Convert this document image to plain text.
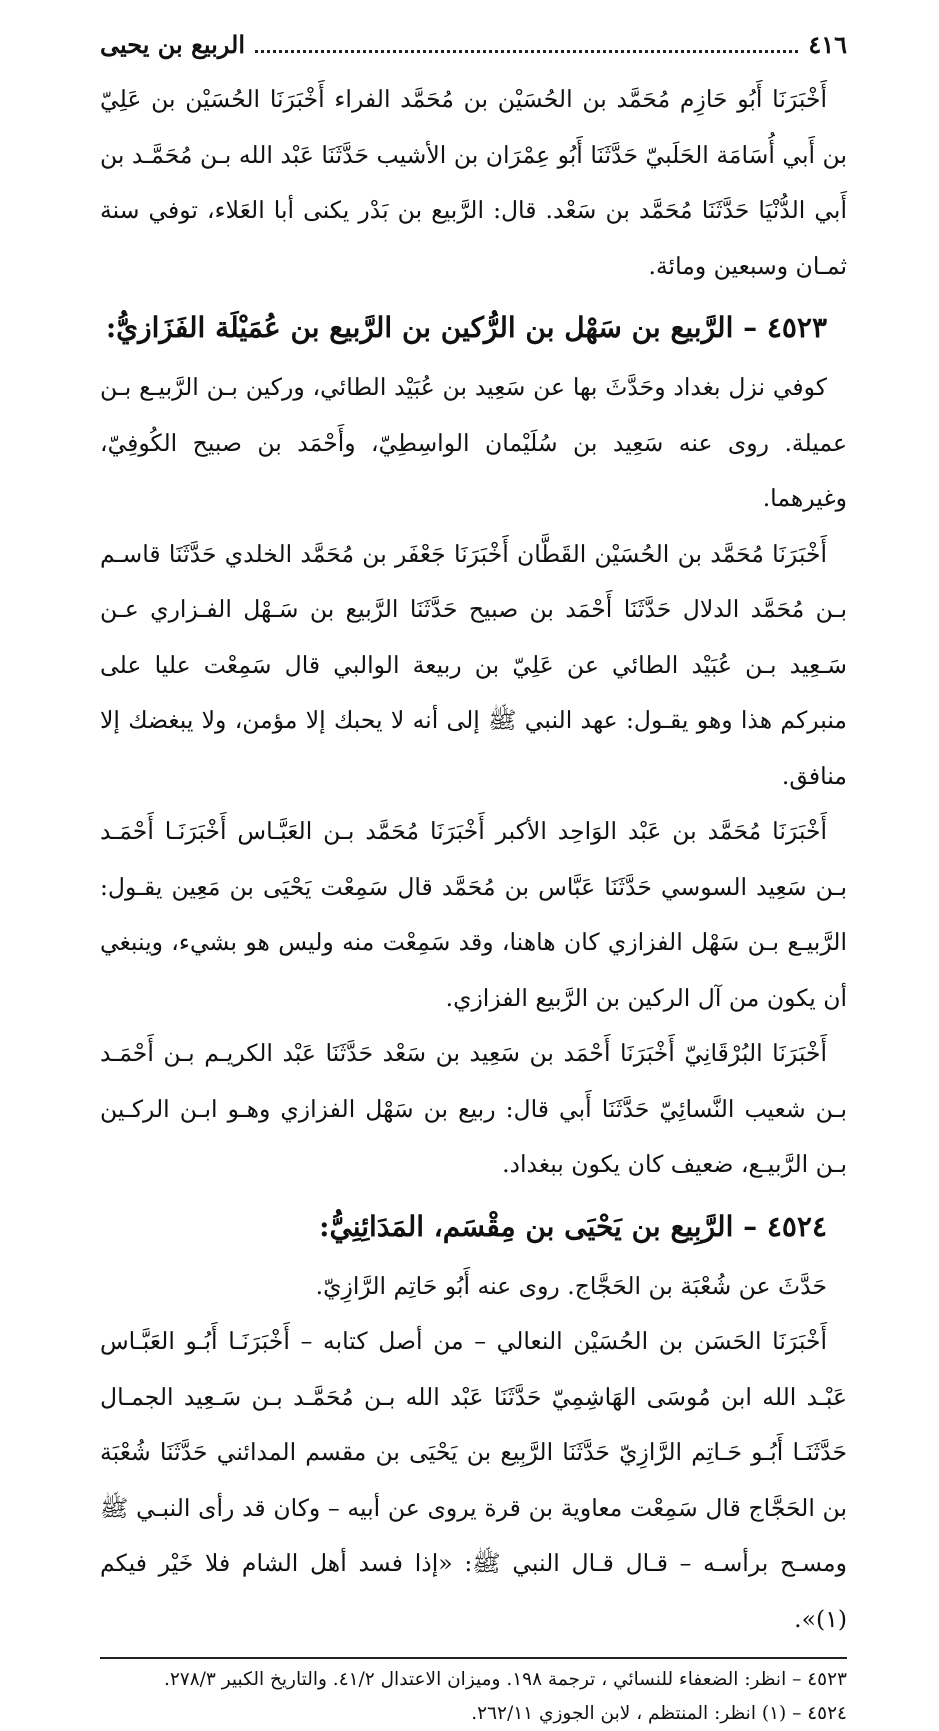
٤١٦
الربيع بن يحيى

أَخْبَرَنَا أَبُو حَازِم مُحَمَّد بن الحُسَيْن بن مُحَمَّد الفراء أَخْبَرَنَا الحُسَيْن بن عَلِيّ بن أَبي أُسَامَة الحَلَبيّ حَدَّثَنَا أَبُو عِمْرَان بن الأشيب حَدَّثَنَا عَبْد الله بـن مُحَمَّـد بن أَبي الدُّنْيَا حَدَّثَنَا مُحَمَّد بن سَعْد. قال: الرَّبيع بن بَدْر يكنى أبا العَلاء، توفي سنة ثمـان وسبعين ومائة.

٤٥٢٣ – الرَّبيع بن سَهْل بن الرُّكين بن الرَّبيع بن عُمَيْلَة الفَزَازيُّ:

كوفي نزل بغداد وحَدَّثَ بها عن سَعِيد بن عُبَيْد الطائي، وركين بـن الرَّبيـع بـن عميلة. روى عنه سَعِيد بن سُلَيْمان الواسِطِيّ، وأَحْمَد بن صبيح الكُوفِيّ، وغيرهما.

أَخْبَرَنَا مُحَمَّد بن الحُسَيْن القَطَّان أَخْبَرَنَا جَعْفَر بن مُحَمَّد الخلدي حَدَّثَنَا قاسـم بـن مُحَمَّد الدلال حَدَّثَنَا أَحْمَد بن صبيح حَدَّثَنَا الرَّبيع بن سَـهْل الفـزاري عـن سَـعِيد بـن عُبَيْد الطائي عن عَلِيّ بن ربيعة الوالبي قال سَمِعْت عليا على منبركم هذا وهو يقـول: عهد النبي ﷺ إلى أنه لا يحبك إلا مؤمن، ولا يبغضك إلا منافق.

أَخْبَرَنَا مُحَمَّد بن عَبْد الوَاحِد الأكبر أَخْبَرَنَا مُحَمَّد بـن العَبَّـاس أَخْبَرَنَـا أَحْمَـد بـن سَعِيد السوسي حَدَّثَنَا عَبَّاس بن مُحَمَّد قال سَمِعْت يَحْيَى بن مَعِين يقـول: الرَّبيـع بـن سَهْل الفزازي كان هاهنا، وقد سَمِعْت منه وليس هو بشيء، وينبغي أن يكون من آل الركين بن الرَّبيع الفزازي.

أَخْبَرَنَا البُرْقَانِيّ أَخْبَرَنَا أَحْمَد بن سَعِيد بن سَعْد حَدَّثَنَا عَبْد الكريـم بـن أَحْمَـد بـن شعيب النَّسائِيّ حَدَّثَنَا أَبي قال: ربيع بن سَهْل الفزازي وهـو ابـن الركـين بـن الرَّبيـع، ضعيف كان يكون ببغداد.

٤٥٢٤ – الرَّبِيع بن يَحْيَى بن مِقْسَم، المَدَائِنِيُّ:

حَدَّثَ عن شُعْبَة بن الحَجَّاج. روى عنه أَبُو حَاتِم الرَّازِيّ.

أَخْبَرَنَا الحَسَن بن الحُسَيْن النعالي – من أصل كتابه – أَخْبَرَنَـا أَبُـو العَبَّـاس عَبْـد الله ابن مُوسَى الهَاشِمِيّ حَدَّثَنَا عَبْد الله بـن مُحَمَّـد بـن سَـعِيد الجمـال حَدَّثَنَـا أَبُـو حَـاتِم الرَّازِيّ حَدَّثَنَا الرَّبِيع بن يَحْيَى بن مقسم المدائني حَدَّثَنَا شُعْبَة بن الحَجَّاج قال سَمِعْت معاوية بن قرة يروى عن أبيه – وكان قد رأى النبـي ﷺ ومسـح برأسـه – قـال قـال النبي ﷺ: «إذا فسد أهل الشام فلا خَيْر فيكم (١)».

٤٥٢٣ – انظر: الضعفاء للنسائي ، ترجمة ١٩٨. وميزان الاعتدال ٤١/٢. والتاريخ الكبير ٢٧٨/٣.

٤٥٢٤ – (١) انظر: المنتظم ، لابن الجوزي ٢٦٢/١١.
